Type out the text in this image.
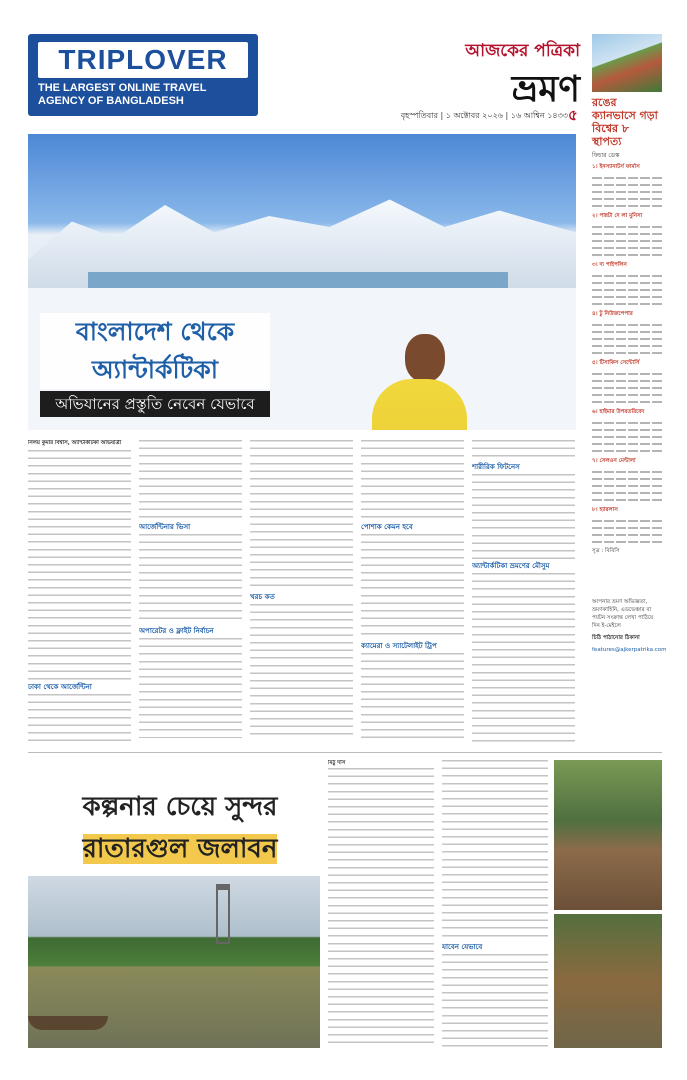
TRIPLOVER
THE LARGEST ONLINE TRAVEL AGENCY OF BANGLADESH
আজকের পত্রিকা
ভ্রমণ
বৃহস্পতিবার | ১ অক্টোবর ২০২৬ | ১৬ আশ্বিন ১৪৩৩ ৫
রঙের ক্যানভাসে গড়া বিশ্বের ৮ স্থাপত্য
ফিচার ডেস্ক
১। ইনস্যানাটর্স ফার্মাস
২। পান্নটা দে লা মুনিসা
৩। দ্য পাইপলিন
৪। টু নিউজপেপার
৫। টিসাকিস সেন্টোর্সি
৬। হাইমার উপরতরিবেদ
৭। সেলওন মেন্টালা
৮। হ্যারলাস
সূত্র : বিবিসি
আপনার ভ্রমণ অভিজ্ঞতা, ভ্রমণকাহিনি, এডভেঞ্চার বা পর্যটন সংক্রান্ত লেখা পাঠিয়ে দিন ই-মেইলে
চিঠি পাঠানোর ঠিকানা
features@ajkerpatrika.com
বাংলাদেশ থেকে
অ্যান্টার্কটিকা
অভিযানের প্রস্তুতি নেবেন যেভাবে

নিলয় কুমার বিশ্বাস, অ্যান্টার্কটিকা অভিযাত্রী

ঢাকা থেকে আর্জেন্টিনা
আর্জেন্টিনার ভিসা
অপারেটর ও ফ্লাইট নির্বাচন
খরচ কত
পোশাক কেমন হবে
ক্যামেরা ও স্যাটেলাইট ট্রিপ
শারীরিক ফিটনেস
অ্যান্টার্কটিকা ভ্রমণের মৌসুম
কল্পনার চেয়ে সুন্দর
রাতারগুল জলাবন

মিঠু দাস

যাবেন যেভাবে
